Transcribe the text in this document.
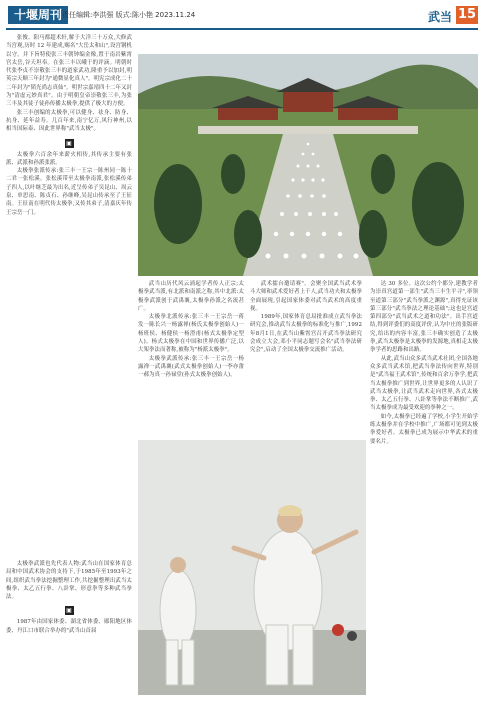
十堰周刊 责任编辑:李洪强 版式:陈小艳 2023.11.24	武当 15

张俊、阳马都超术轩,解于大洋三十万众,大修武当宫观,历时 12 年建成,赐名"大岳太和山",设宫钢机以守。并下旨特使张三丰朝钟编金像,置于南岩紫霄宫太岳,谷天坦奉。在张三丰以峨于的评滴。明朝时代张李贞不崇敬张三丰的道家武功,隆重予以加封,明英宗天顺三年封为"通微显化真人"。明宪宗成化二十二年封为"韬光尚志真仙"。明世宗嘉靖四十二年又封为"清虚元妙真君"。由于明朝皇帝崇敬张三丰,为张三丰及其徒子徒孙传播太极拳,提供了极大的方便。

张三丰创编的太极拳,可以健身、祛身、防身、抗身、延年益寿。几百年来,南宁亿万,风行神州,以相当国际泰、因此世界称"武当太极"。

▣

太极拳六百余年来薪火相传,其传承主要有张派、武派和孙派张派。

太极拳张派传承:张三丰一王宗一陈州同一陈十二君一张松溪。张松溪带至太极拳南派,张松溪传弟子四人,以叶继芝最为出名,近呈传弟子吴昆山、周云泉、单思南、陈贞石、孙继峰,吴昆山传承至了王征南。王征南在明代传太极拳,又传其弟子,清嘉庆年传王宗岳一门。

武当山历代风云涌起学者传人正宗;太极拳武当派,有北派和南派之称,其中北派:太极拳武派创于武禹襄,太极拳孙派之名流甚广。

太极拳北派传承:张三丰一王宗岳一蒋发一陈长兴一杨露禅(杨氏太极拳创始人)一杨班侯、杨健侯一杨澄甫(杨式太极拳定型人)。杨式太极拳在中国和世界传播广泛,以大架拳法而著称,被称为"杨派太极拳"。

太极拳武派传承:张三丰一王宗岳一杨露禅一武禹襄(武式太极拳创始人)一李亦畬一郝为真一孙禄堂(孙式太极拳创始人)。

武术擂台邀请赛"。会聚全国武当武术拳斗大师和武术爱好者上千人,武当功夫和太极拳全面展现,引起国家体委对武当武术的高度重视。

1989年,国家体育总局批准成立武当拳法研究会,推动武当太极拳的标准化与推广,1992年8月1日,在武当山紫霄宫召开武当拳法研究会成立大会,邓小平同志题写会名"武当拳法研究会",启动了全国太极拳交流推广活动。

太极拳武派也先代表人物:武当山在国家体育总局和中国武术协会的支持下,于1985年至1993年之间,组织武当拳法挖掘整理工作,共挖掘整理出武当太极拳、太乙五行拳、八卦掌、形意拳等多种武当拳法。

▣

1987年由国家体委、湖北省体委、郧阳地区体委、丹江口市联合举办的"武当山首届

达 30 多位。这次公约个都分,建教学者为崇真宫道第一部生"武当三丰生平寻",率领至道第三部分"武当拳派之渊源",真得充证该第三部分"武当拳法之理论基础";这也是宫道第四部分"武当武术之道和功法"。出手宫道结,得到评委们的高度评价,认为中庄的张版研究,给出的内容丰富,张三丰确实创造了太极拳,武当太极拳是太极拳的发源地,真相走太极拳学者的思路和出路。

从此,武当山众多武当武术社团,全国各地众多武当武术馆,把武当拳法传向世界,特别是"武当福王武术馆",传统和百余万拳学,把武当太极拳推广到世界,让世界更多的人认识了武当太极拳,让武当武术走向世界,各式太极拳、太乙五行拳、八卦掌等拳法不断推广,武当太极拳成为最受欢迎的拳种之一。

如今,太极拳已经遍了学校,小学生开始学练太极拳并在学校中推广,广场都可见到太极拳爱好者。太极拳已成为展示中华武术的重要名片。
